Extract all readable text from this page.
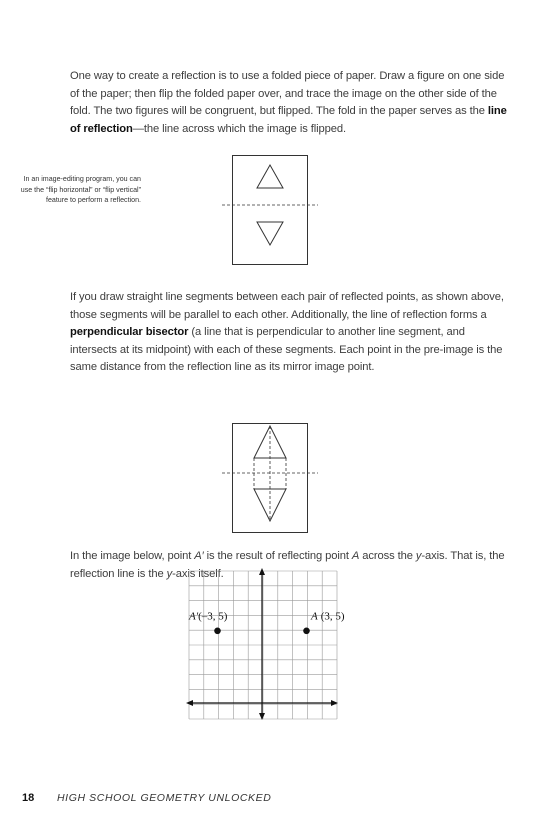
One way to create a reflection is to use a folded piece of paper. Draw a figure on one side of the paper; then flip the folded paper over, and trace the image on the other side of the fold. The two figures will be congruent, but flipped. The fold in the paper serves as the line of reflection—the line across which the image is flipped.
In an image-editing program, you can use the “flip horizontal” or “flip vertical” feature to perform a reflection.
If you draw straight line segments between each pair of reflected points, as shown above, those segments will be parallel to each other. Additionally, the line of reflection forms a perpendicular bisector (a line that is perpendicular to another line segment, and intersects at its midpoint) with each of these segments. Each point in the pre-image is the same distance from the reflection line as its mirror image point.
In the image below, point A′ is the result of reflecting point A across the y-axis. That is, the reflection line is the y-axis itself.
A′(–3, 5)	A (3, 5)
18 HIGH SCHOOL GEOMETRY UNLOCKED
